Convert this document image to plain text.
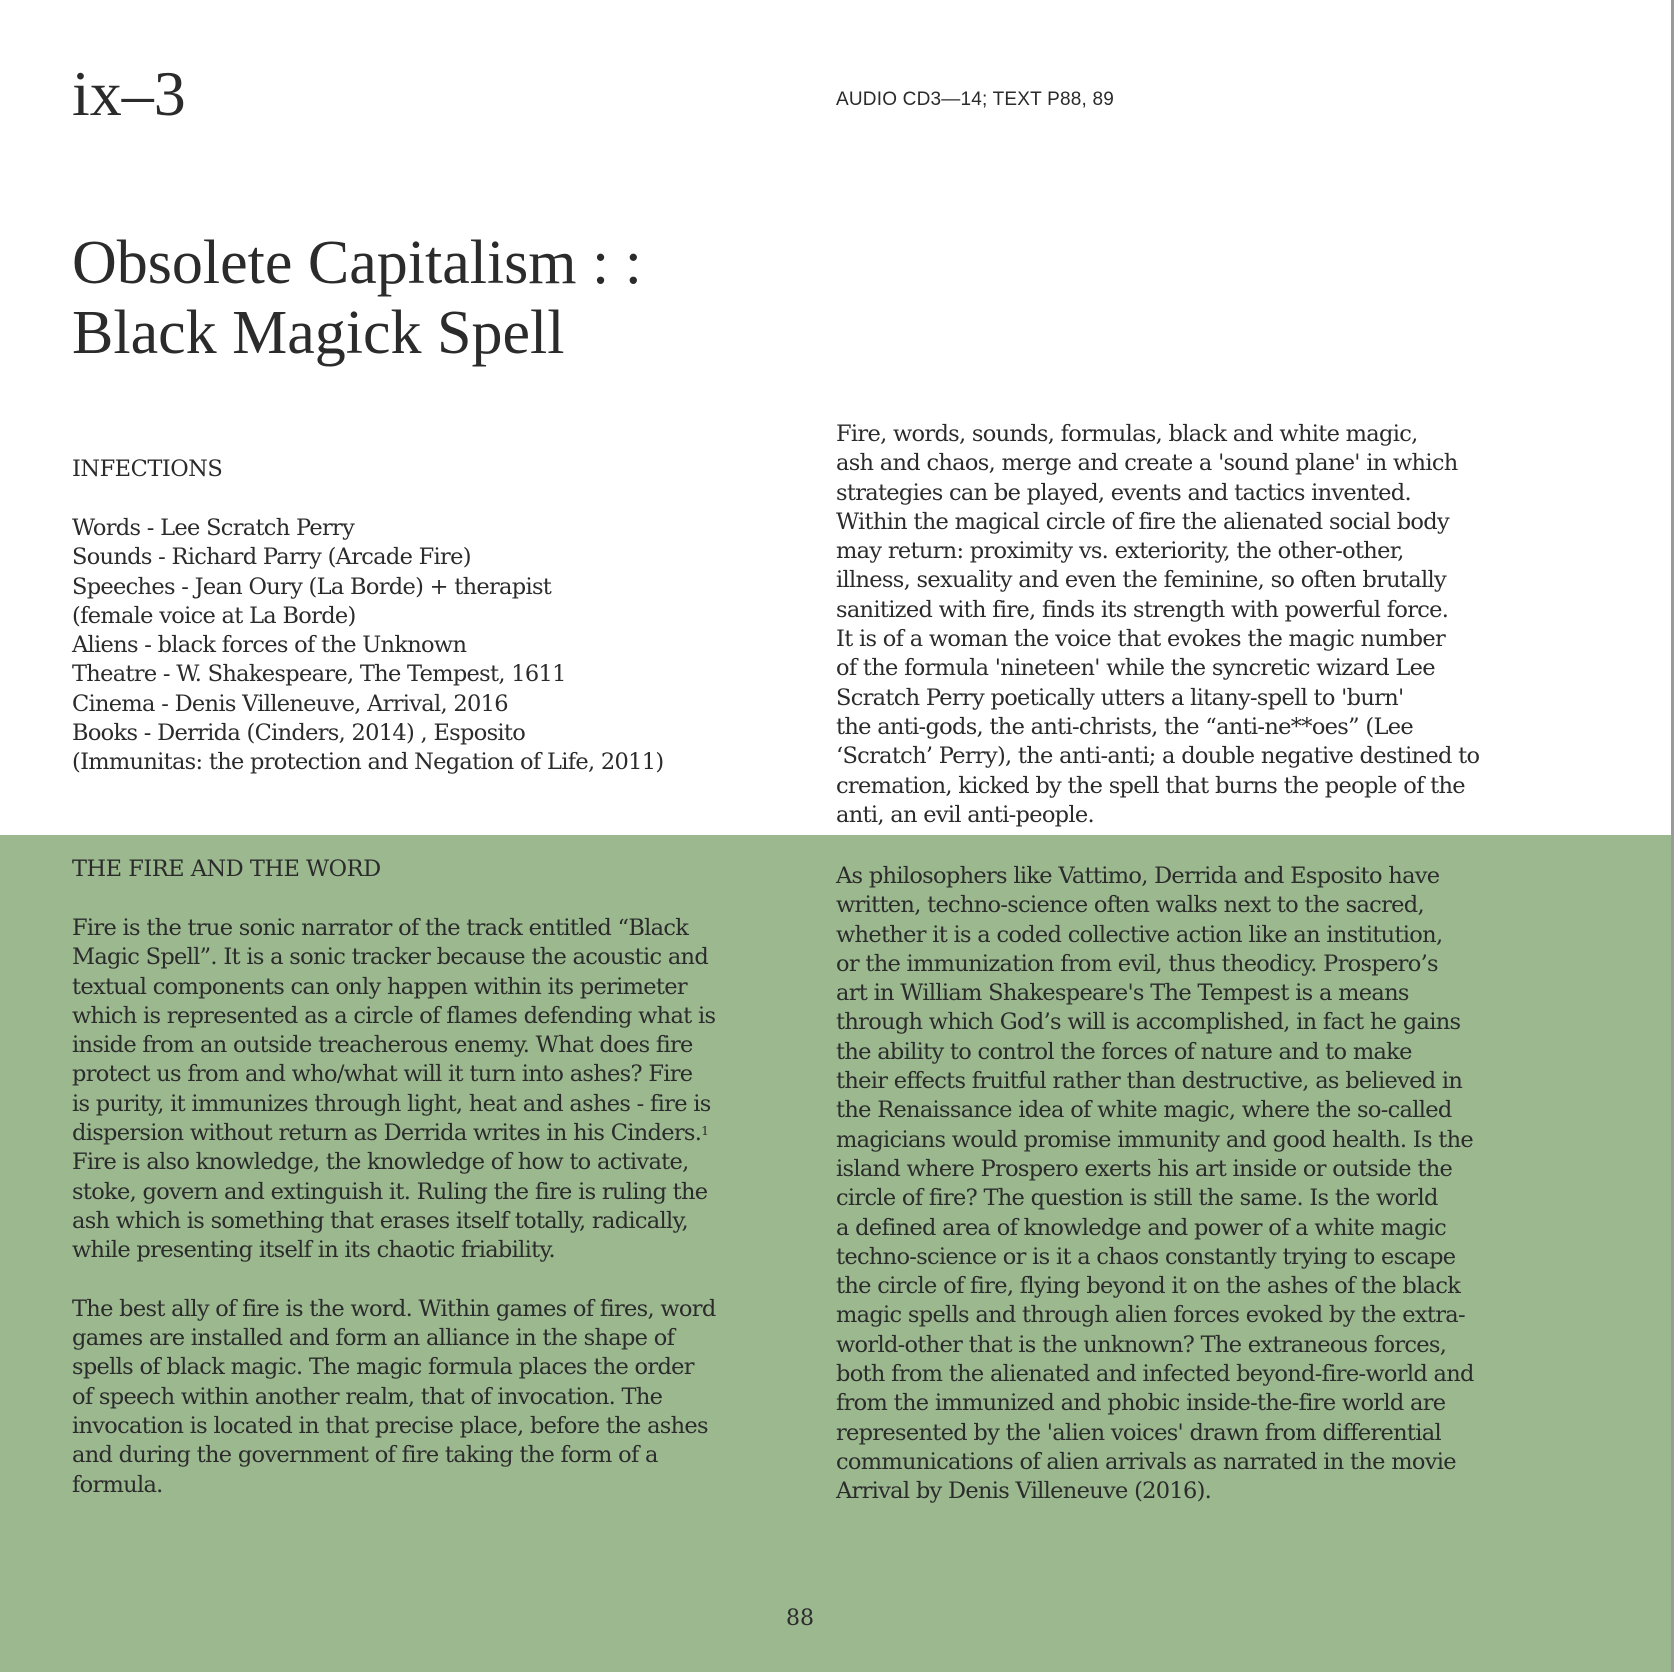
ix–3	AUDIO CD3—14; TEXT P88, 89
Obsolete Capitalism : :
Black Magick Spell
INFECTIONS
Words - Lee Scratch Perry
Sounds - Richard Parry (Arcade Fire)
Speeches - Jean Oury (La Borde) + therapist
(female voice at La Borde)
Aliens - black forces of the Unknown
Theatre - W. Shakespeare, The Tempest, 1611
Cinema - Denis Villeneuve, Arrival, 2016
Books - Derrida (Cinders, 2014) , Esposito
(Immunitas: the protection and Negation of Life, 2011)
Fire, words, sounds, formulas, black and white magic,
ash and chaos, merge and create a 'sound plane' in which
strategies can be played, events and tactics invented.
Within the magical circle of fire the alienated social body
may return: proximity vs. exteriority, the other-other,
illness, sexuality and even the feminine, so often brutally
sanitized with fire, finds its strength with powerful force.
It is of a woman the voice that evokes the magic number
of the formula 'nineteen' while the syncretic wizard Lee
Scratch Perry poetically utters a litany-spell to 'burn'
the anti-gods, the anti-christs, the “anti-ne**oes” (Lee
‘Scratch’ Perry), the anti-anti; a double negative destined to
cremation, kicked by the spell that burns the people of the
anti, an evil anti-people.
THE FIRE AND THE WORD
Fire is the true sonic narrator of the track entitled “Black
Magic Spell”. It is a sonic tracker because the acoustic and
textual components can only happen within its perimeter
which is represented as a circle of flames defending what is
inside from an outside treacherous enemy. What does fire
protect us from and who/what will it turn into ashes? Fire
is purity, it immunizes through light, heat and ashes - fire is
dispersion without return as Derrida writes in his Cinders.$^1$
Fire is also knowledge, the knowledge of how to activate,
stoke, govern and extinguish it. Ruling the fire is ruling the
ash which is something that erases itself totally, radically,
while presenting itself in its chaotic friability.
The best ally of fire is the word. Within games of fires, word
games are installed and form an alliance in the shape of
spells of black magic. The magic formula places the order
of speech within another realm, that of invocation. The
invocation is located in that precise place, before the ashes
and during the government of fire taking the form of a
formula.
As philosophers like Vattimo, Derrida and Esposito have
written, techno-science often walks next to the sacred,
whether it is a coded collective action like an institution,
or the immunization from evil, thus theodicy. Prospero’s
art in William Shakespeare's The Tempest is a means
through which God’s will is accomplished, in fact he gains
the ability to control the forces of nature and to make
their effects fruitful rather than destructive, as believed in
the Renaissance idea of white magic, where the so-called
magicians would promise immunity and good health. Is the
island where Prospero exerts his art inside or outside the
circle of fire? The question is still the same. Is the world
a defined area of knowledge and power of a white magic
techno-science or is it a chaos constantly trying to escape
the circle of fire, flying beyond it on the ashes of the black
magic spells and through alien forces evoked by the extra-
world-other that is the unknown? The extraneous forces,
both from the alienated and infected beyond-fire-world and
from the immunized and phobic inside-the-fire world are
represented by the 'alien voices' drawn from differential
communications of alien arrivals as narrated in the movie
Arrival by Denis Villeneuve (2016).
88
